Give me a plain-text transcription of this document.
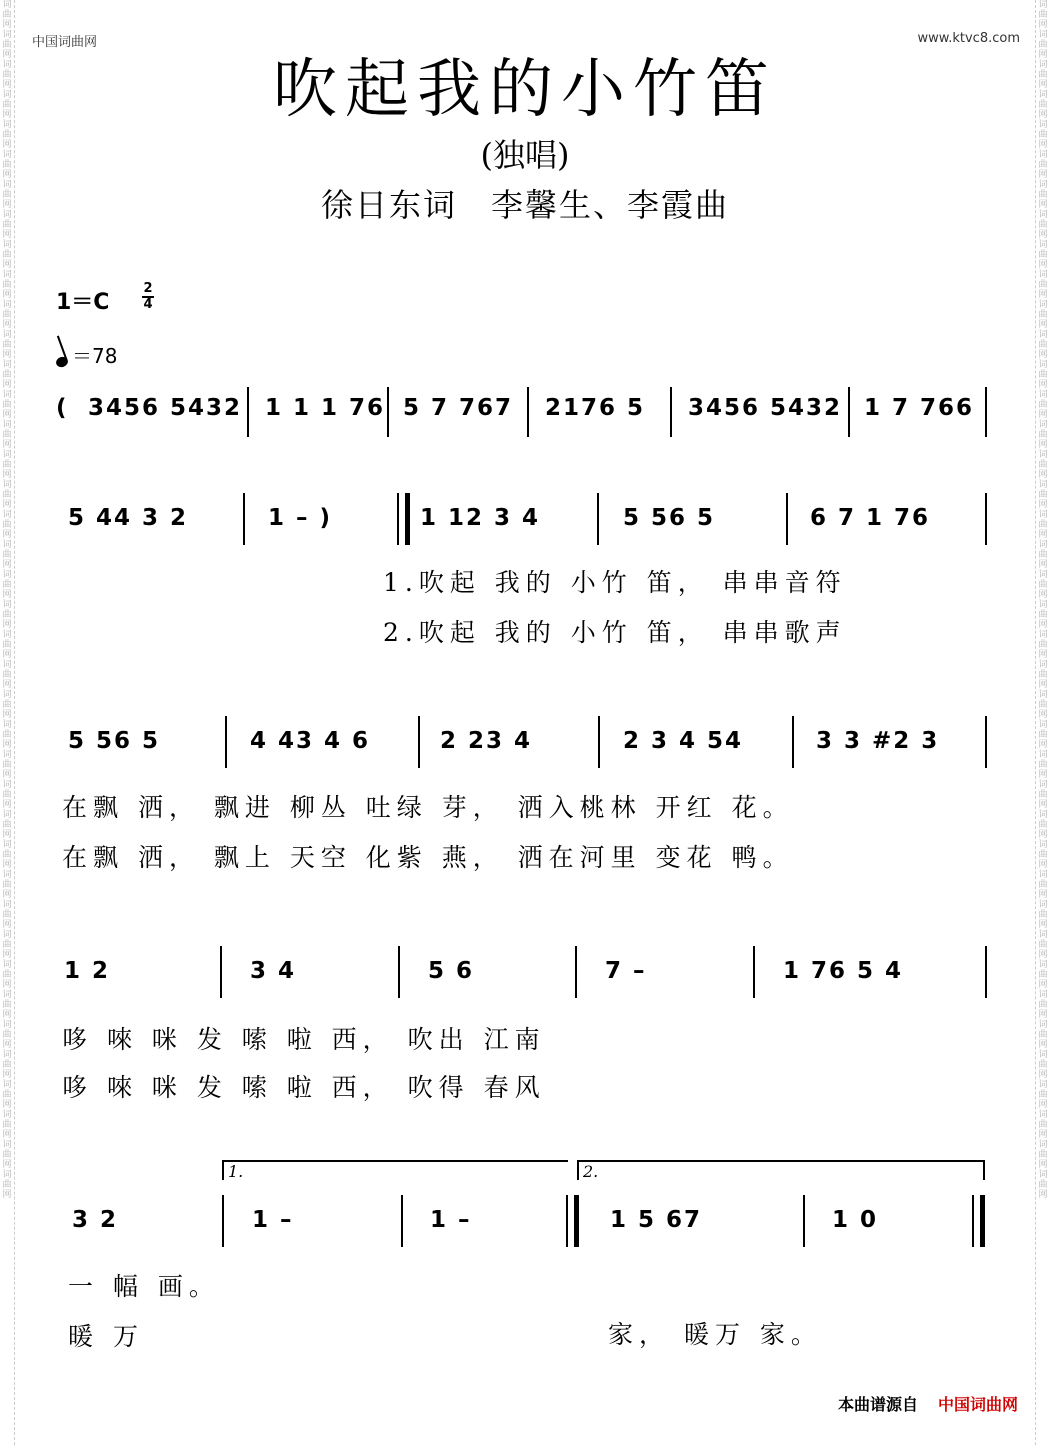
词曲网词曲网词曲网词曲网词曲网词曲网词曲网词曲网词曲网词曲网词曲网词曲网词曲网词曲网词曲网词曲网词曲网词曲网词曲网词曲网词曲网词曲网词曲网词曲网词曲网词曲网词曲网词曲网词曲网词曲网词曲网词曲网词曲网词曲网词曲网词曲网词曲网词曲网词曲网词曲网
词曲网词曲网词曲网词曲网词曲网词曲网词曲网词曲网词曲网词曲网词曲网词曲网词曲网词曲网词曲网词曲网词曲网词曲网词曲网词曲网词曲网词曲网词曲网词曲网词曲网词曲网词曲网词曲网词曲网词曲网词曲网词曲网词曲网词曲网词曲网词曲网词曲网词曲网词曲网词曲网
中国词曲网	www.ktvc8.com
吹起我的小竹笛
(独唱)
徐日东词　李馨生、李霞曲
1＝C
2
4
＝78
( 3456 5432 1 1 1 76 5 7 767 2176 5 3456 5432 1 7 766
5 44 3 2	1 – )	1 12 3 4	5 56 5	6 7 1 76
1.吹起 我的 小竹 笛， 串串音符
2.吹起 我的 小竹 笛， 串串歌声
5 56 5	4 43 4 6	2 23 4	2 3 4 54	3 3 #2 3
在飘 洒， 飘进 柳丛 吐绿 芽， 洒入桃林 开红 花。
在飘 洒， 飘上 天空 化紫 燕， 洒在河里 变花 鸭。
1 2	3 4	5 6	7 –	1 76 5 4
哆 唻 咪 发 嗦 啦 西， 吹出 江南
哆 唻 咪 发 嗦 啦 西， 吹得 春风
1.	2.
3 2	1 –	1 –	1 5 67	1 0
一 幅 画。
暖 万	家， 暖万 家。
本曲谱源自 中国词曲网
